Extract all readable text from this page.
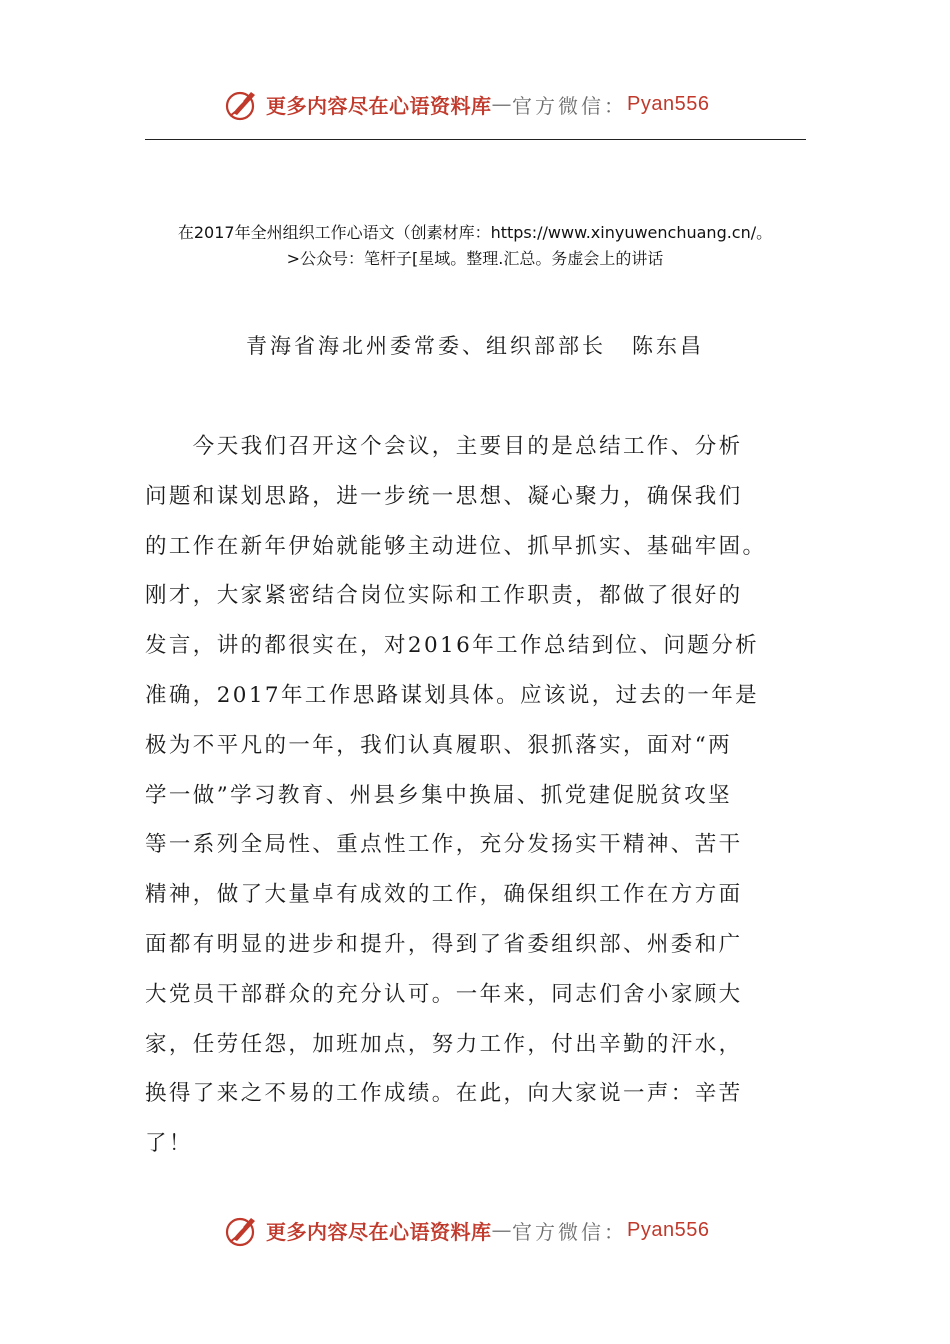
更多内容尽在心语资料库 — 官方微信： Pyan556
在2017年全州组织工作心语文（创素材库：https://www.xinyuwenchuang.cn/。
>公众号：笔杆子[星域。整理.汇总。务虚会上的讲话
青海省海北州委常委、组织部部长 陈东昌
　　今天我们召开这个会议，主要目的是总结工作、分析
问题和谋划思路，进一步统一思想、凝心聚力，确保我们
的工作在新年伊始就能够主动进位、抓早抓实、基础牢固。
刚才，大家紧密结合岗位实际和工作职责，都做了很好的
发言，讲的都很实在，对2016年工作总结到位、问题分析
准确，2017年工作思路谋划具体。应该说，过去的一年是
极为不平凡的一年，我们认真履职、狠抓落实，面对“两
学一做”学习教育、州县乡集中换届、抓党建促脱贫攻坚
等一系列全局性、重点性工作，充分发扬实干精神、苦干
精神，做了大量卓有成效的工作，确保组织工作在方方面
面都有明显的进步和提升，得到了省委组织部、州委和广
大党员干部群众的充分认可。一年来，同志们舍小家顾大
家，任劳任怨，加班加点，努力工作，付出辛勤的汗水，
换得了来之不易的工作成绩。在此，向大家说一声：辛苦
了！
更多内容尽在心语资料库 — 官方微信： Pyan556
